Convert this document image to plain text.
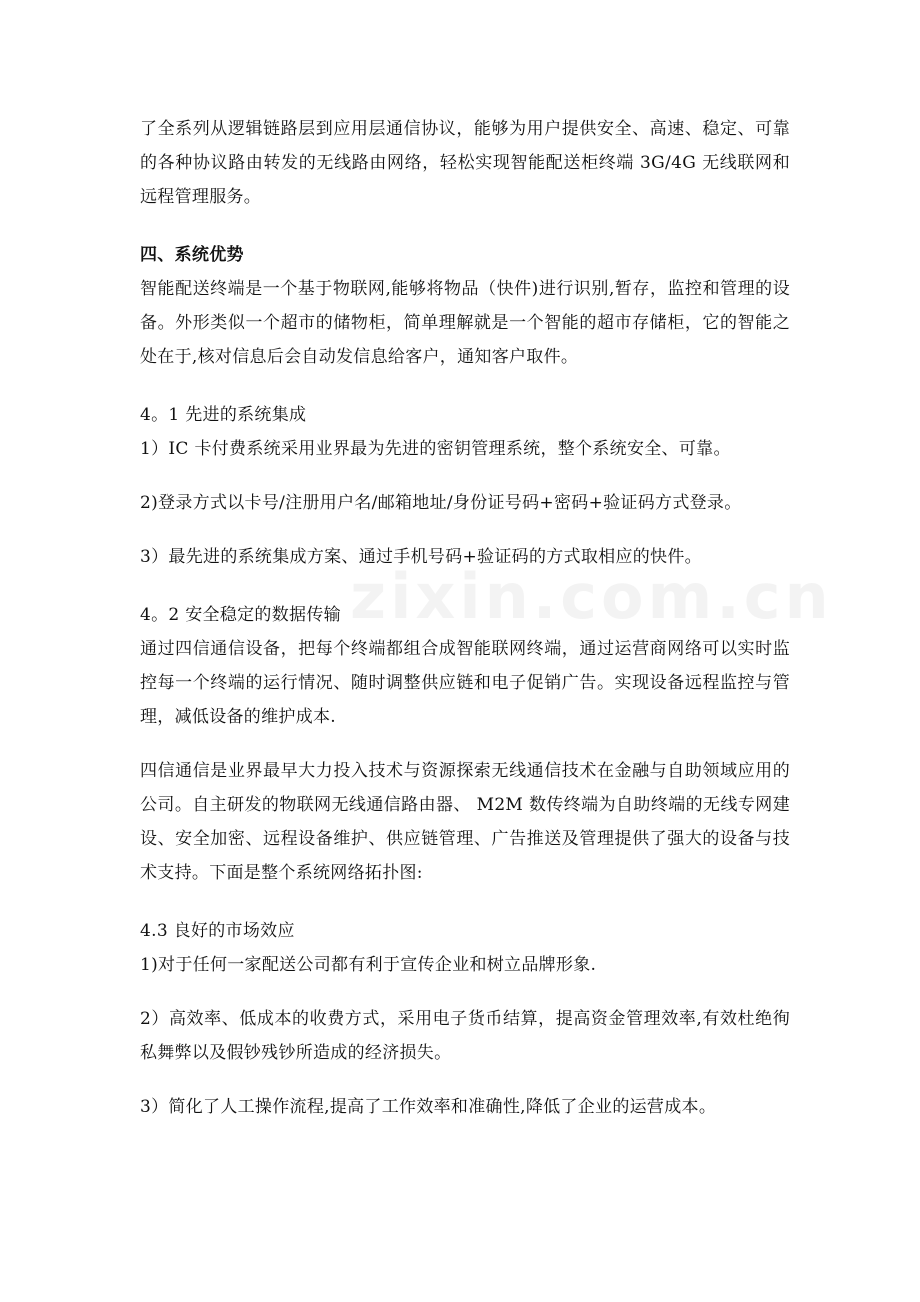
zixin.com.cn

了全系列从逻辑链路层到应用层通信协议，能够为用户提供安全、高速、稳定、可靠的各种协议路由转发的无线路由网络，轻松实现智能配送柜终端 3G/4G 无线联网和远程管理服务。

四、系统优势

智能配送终端是一个基于物联网,能够将物品（快件)进行识别,暂存，监控和管理的设备。外形类似一个超市的储物柜，简单理解就是一个智能的超市存储柜，它的智能之处在于,核对信息后会自动发信息给客户，通知客户取件。

4。1 先进的系统集成

1）IC 卡付费系统采用业界最为先进的密钥管理系统，整个系统安全、可靠。

2)登录方式以卡号/注册用户名/邮箱地址/身份证号码+密码+验证码方式登录。

3）最先进的系统集成方案、通过手机号码+验证码的方式取相应的快件。

4。2 安全稳定的数据传输

通过四信通信设备，把每个终端都组合成智能联网终端，通过运营商网络可以实时监控每一个终端的运行情况、随时调整供应链和电子促销广告。实现设备远程监控与管理，减低设备的维护成本.

四信通信是业界最早大力投入技术与资源探索无线通信技术在金融与自助领域应用的公司。自主研发的物联网无线通信路由器、 M2M 数传终端为自助终端的无线专网建设、安全加密、远程设备维护、供应链管理、广告推送及管理提供了强大的设备与技术支持。下面是整个系统网络拓扑图:

4.3 良好的市场效应

1)对于任何一家配送公司都有利于宣传企业和树立品牌形象.

2）高效率、低成本的收费方式，采用电子货币结算，提高资金管理效率,有效杜绝徇私舞弊以及假钞残钞所造成的经济损失。

3）简化了人工操作流程,提高了工作效率和准确性,降低了企业的运营成本。
